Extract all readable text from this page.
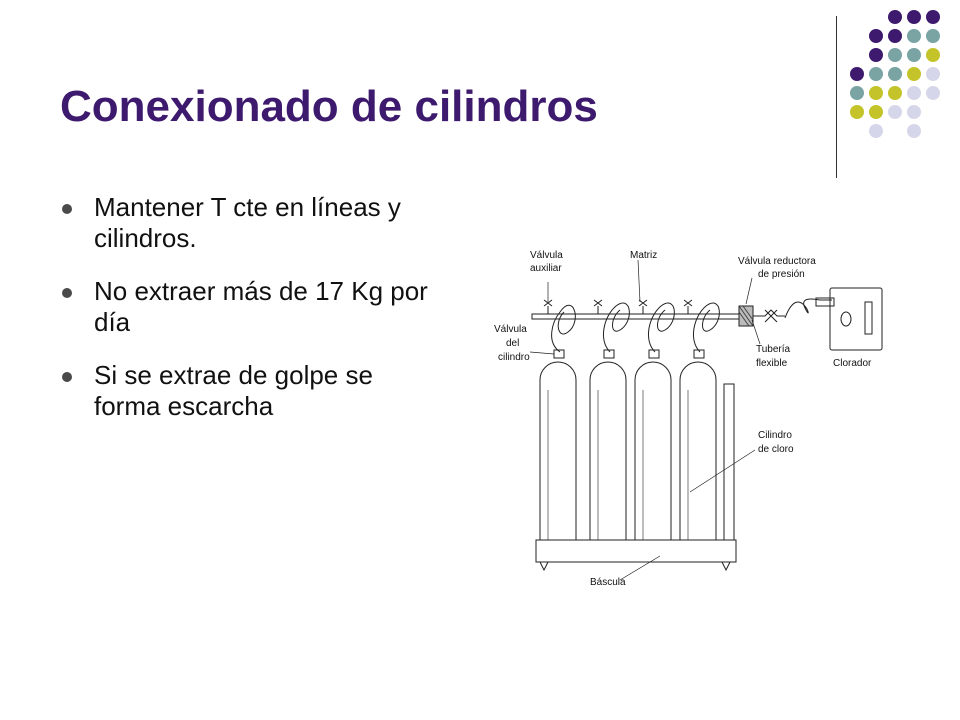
Conexionado de cilindros
Mantener T cte en líneas y cilindros.
No extraer más de 17 Kg por día
Si se extrae de golpe se forma escarcha
Válvula
auxiliar
Matriz
Válvula reductora
de presión
Válvula
del
cilindro
Tubería
flexible	Clorador
Cilindro
de cloro
Báscula
